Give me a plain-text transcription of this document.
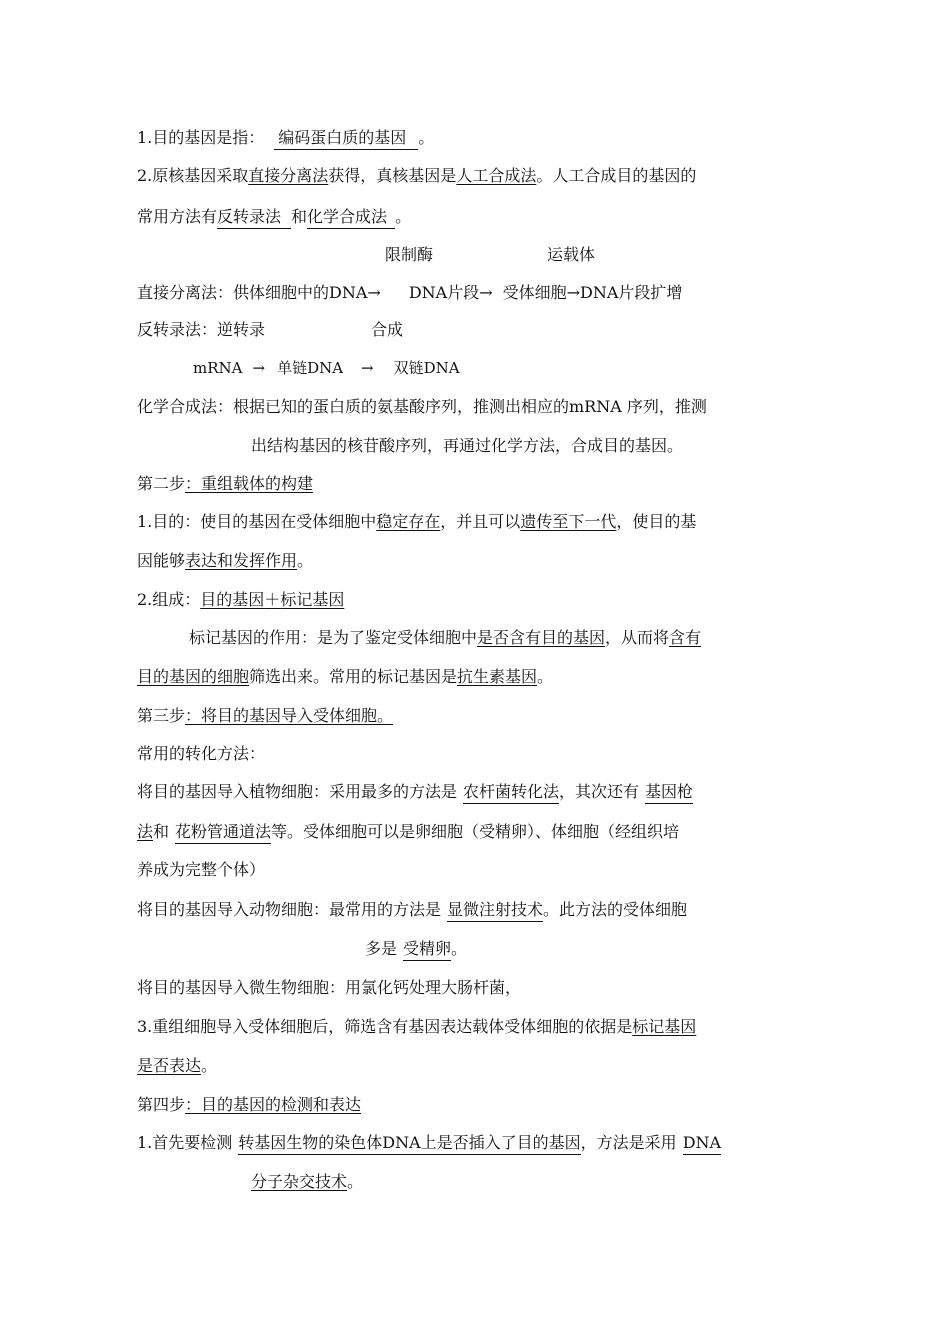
1.目的基因是指： 编码蛋白质的基因 。
2.原核基因采取直接分离法获得，真核基因是人工合成法。人工合成目的基因的
常用方法有反转录法 和化学合成法 。
限制酶	运载体
直接分离法：供体细胞中的DNA→ DNA片段→ 受体细胞→DNA片段扩增
反转录法：逆转录	合成
mRNA → 单链DNA → 双链DNA
化学合成法：根据已知的蛋白质的氨基酸序列，推测出相应的mRNA 序列，推测
出结构基因的核苷酸序列，再通过化学方法，合成目的基因。
第二步：重组载体的构建
1.目的：使目的基因在受体细胞中稳定存在，并且可以遗传至下一代，使目的基
因能够表达和发挥作用。
2.组成：目的基因＋标记基因
标记基因的作用：是为了鉴定受体细胞中是否含有目的基因，从而将含有
目的基因的细胞筛选出来。常用的标记基因是抗生素基因。
第三步：将目的基因导入受体细胞。
常用的转化方法：
将目的基因导入植物细胞：采用最多的方法是 农杆菌转化法，其次还有 基因枪
法和 花粉管通道法等。受体细胞可以是卵细胞（受精卵）、体细胞（经组织培
养成为完整个体）
将目的基因导入动物细胞：最常用的方法是 显微注射技术。此方法的受体细胞
多是 受精卵。
将目的基因导入微生物细胞：用氯化钙处理大肠杆菌，
3.重组细胞导入受体细胞后，筛选含有基因表达载体受体细胞的依据是标记基因
是否表达。
第四步：目的基因的检测和表达
1.首先要检测 转基因生物的染色体DNA上是否插入了目的基因，方法是采用 DNA
分子杂交技术。
